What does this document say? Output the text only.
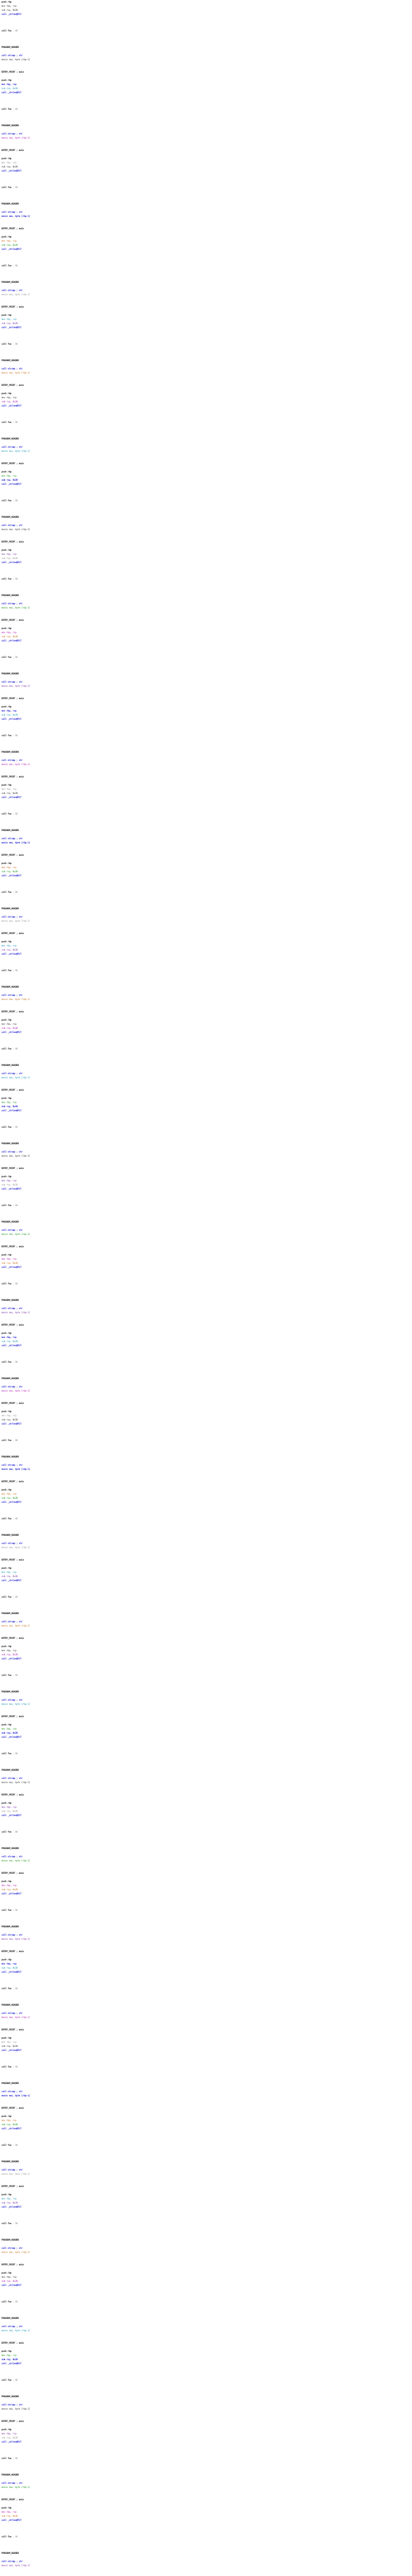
push rbp
mov rbp, rsp
sub rsp, 0x20
call _strlen@PLT
call foo ; 00
PROGRAM_HEADER
call strcmp ; str
movzx eax, byte [rbp-1]
ENTRY_POINT ; main
push rbp
mov rbp, rsp
sub rsp, 0x20
call _strlen@PLT
call foo ; 00
PROGRAM_HEADER
call strcmp ; str
movzx eax, byte [rbp-1]
ENTRY_POINT ; main
push rbp
mov rbp, rsp
sub rsp, 0x20
call _strlen@PLT
call foo ; 00
PROGRAM_HEADER
call strcmp ; str
movzx eax, byte [rbp-1]
ENTRY_POINT ; main
push rbp
mov rbp, rsp
sub rsp, 0x20
call _strlen@PLT
call foo ; 00
PROGRAM_HEADER
call strcmp ; str
movzx eax, byte [rbp-1]
ENTRY_POINT ; main
push rbp
mov rbp, rsp
sub rsp, 0x20
call _strlen@PLT
call foo ; 00
PROGRAM_HEADER
call strcmp ; str
movzx eax, byte [rbp-1]
ENTRY_POINT ; main
push rbp
mov rbp, rsp
sub rsp, 0x20
call _strlen@PLT
call foo ; 00
PROGRAM_HEADER
call strcmp ; str
movzx eax, byte [rbp-1]
ENTRY_POINT ; main
push rbp
mov rbp, rsp
sub rsp, 0x20
call _strlen@PLT
call foo ; 00
PROGRAM_HEADER
call strcmp ; str
movzx eax, byte [rbp-1]
ENTRY_POINT ; main
push rbp
mov rbp, rsp
sub rsp, 0x20
call _strlen@PLT
call foo ; 00
PROGRAM_HEADER
call strcmp ; str
movzx eax, byte [rbp-1]
ENTRY_POINT ; main
push rbp
mov rbp, rsp
sub rsp, 0x20
call _strlen@PLT
call foo ; 00
PROGRAM_HEADER
call strcmp ; str
movzx eax, byte [rbp-1]
ENTRY_POINT ; main
push rbp
mov rbp, rsp
sub rsp, 0x20
call _strlen@PLT
call foo ; 00
PROGRAM_HEADER
call strcmp ; str
movzx eax, byte [rbp-1]
ENTRY_POINT ; main
push rbp
mov rbp, rsp
sub rsp, 0x20
call _strlen@PLT
call foo ; 00
PROGRAM_HEADER
call strcmp ; str
movzx eax, byte [rbp-1]
ENTRY_POINT ; main
push rbp
mov rbp, rsp
sub rsp, 0x20
call _strlen@PLT
call foo ; 00
PROGRAM_HEADER
call strcmp ; str
movzx eax, byte [rbp-1]
ENTRY_POINT ; main
push rbp
mov rbp, rsp
sub rsp, 0x20
call _strlen@PLT
call foo ; 00
PROGRAM_HEADER
call strcmp ; str
movzx eax, byte [rbp-1]
ENTRY_POINT ; main
push rbp
mov rbp, rsp
sub rsp, 0x20
call _strlen@PLT
call foo ; 00
PROGRAM_HEADER
call strcmp ; str
movzx eax, byte [rbp-1]
ENTRY_POINT ; main
push rbp
mov rbp, rsp
sub rsp, 0x20
call _strlen@PLT
call foo ; 00
PROGRAM_HEADER
call strcmp ; str
movzx eax, byte [rbp-1]
ENTRY_POINT ; main
push rbp
mov rbp, rsp
sub rsp, 0x20
call _strlen@PLT
call foo ; 00
PROGRAM_HEADER
call strcmp ; str
movzx eax, byte [rbp-1]
ENTRY_POINT ; main
push rbp
mov rbp, rsp
sub rsp, 0x20
call _strlen@PLT
call foo ; 00
PROGRAM_HEADER
call strcmp ; str
movzx eax, byte [rbp-1]
ENTRY_POINT ; main
push rbp
mov rbp, rsp
sub rsp, 0x20
call _strlen@PLT
call foo ; 00
PROGRAM_HEADER
call strcmp ; str
movzx eax, byte [rbp-1]
ENTRY_POINT ; main
push rbp
mov rbp, rsp
sub rsp, 0x20
call _strlen@PLT
call foo ; 00
PROGRAM_HEADER
call strcmp ; str
movzx eax, byte [rbp-1]
ENTRY_POINT ; main
push rbp
mov rbp, rsp
sub rsp, 0x20
call _strlen@PLT
call foo ; 00
PROGRAM_HEADER
call strcmp ; str
movzx eax, byte [rbp-1]
ENTRY_POINT ; main
push rbp
mov rbp, rsp
sub rsp, 0x20
call _strlen@PLT
call foo ; 00
PROGRAM_HEADER
call strcmp ; str
movzx eax, byte [rbp-1]
ENTRY_POINT ; main
push rbp
mov rbp, rsp
sub rsp, 0x20
call _strlen@PLT
call foo ; 00
PROGRAM_HEADER
call strcmp ; str
movzx eax, byte [rbp-1]
ENTRY_POINT ; main
push rbp
mov rbp, rsp
sub rsp, 0x20
call _strlen@PLT
call foo ; 00
PROGRAM_HEADER
call strcmp ; str
movzx eax, byte [rbp-1]
ENTRY_POINT ; main
push rbp
mov rbp, rsp
sub rsp, 0x20
call _strlen@PLT
call foo ; 00
PROGRAM_HEADER
call strcmp ; str
movzx eax, byte [rbp-1]
ENTRY_POINT ; main
push rbp
mov rbp, rsp
sub rsp, 0x20
call _strlen@PLT
call foo ; 00
PROGRAM_HEADER
call strcmp ; str
movzx eax, byte [rbp-1]
ENTRY_POINT ; main
push rbp
mov rbp, rsp
sub rsp, 0x20
call _strlen@PLT
call foo ; 00
PROGRAM_HEADER
call strcmp ; str
movzx eax, byte [rbp-1]
ENTRY_POINT ; main
push rbp
mov rbp, rsp
sub rsp, 0x20
call _strlen@PLT
call foo ; 00
PROGRAM_HEADER
call strcmp ; str
movzx eax, byte [rbp-1]
ENTRY_POINT ; main
push rbp
mov rbp, rsp
sub rsp, 0x20
call _strlen@PLT
call foo ; 00
PROGRAM_HEADER
call strcmp ; str
movzx eax, byte [rbp-1]
ENTRY_POINT ; main
push rbp
mov rbp, rsp
sub rsp, 0x20
call _strlen@PLT
call foo ; 00
PROGRAM_HEADER
call strcmp ; str
movzx eax, byte [rbp-1]
ENTRY_POINT ; main
push rbp
mov rbp, rsp
sub rsp, 0x20
call _strlen@PLT
call foo ; 00
PROGRAM_HEADER
call strcmp ; str
movzx eax, byte [rbp-1]
ENTRY_POINT ; main
push rbp
mov rbp, rsp
sub rsp, 0x20
call _strlen@PLT
call foo ; 00
PROGRAM_HEADER
call strcmp ; str
movzx eax, byte [rbp-1]
ENTRY_POINT ; main
push rbp
mov rbp, rsp
sub rsp, 0x20
call _strlen@PLT
call foo ; 00
PROGRAM_HEADER
call strcmp ; str
movzx eax, byte [rbp-1]
ENTRY_POINT ; main
push rbp
mov rbp, rsp
sub rsp, 0x20
call _strlen@PLT
call foo ; 00
PROGRAM_HEADER
call strcmp ; str
movzx eax, byte [rbp-1]
